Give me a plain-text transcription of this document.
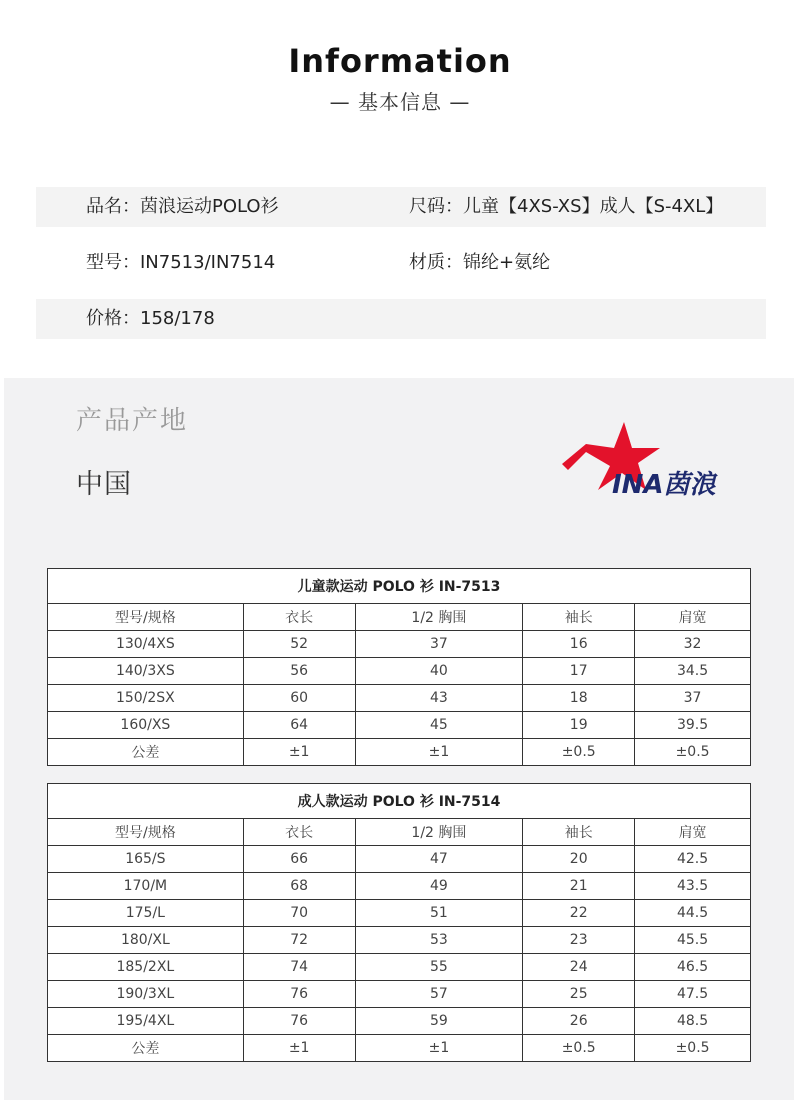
Information
— 基本信息 —
品名：茵浪运动POLO衫	尺码：儿童【4XS-XS】成人【S-4XL】
型号：IN7513/IN7514	材质：锦纶+氨纶
价格：158/178
产品产地
中国	INA茵浪
儿童款运动 POLO 衫 IN-7513				
型号/规格	衣长	1/2 胸围	袖长	肩宽
130/4XS	52	37	16	32
140/3XS	56	40	17	34.5
150/2SX	60	43	18	37
160/XS	64	45	19	39.5
公差	±1	±1	±0.5	±0.5
成人款运动 POLO 衫 IN-7514				
型号/规格	衣长	1/2 胸围	袖长	肩宽
165/S	66	47	20	42.5
170/M	68	49	21	43.5
175/L	70	51	22	44.5
180/XL	72	53	23	45.5
185/2XL	74	55	24	46.5
190/3XL	76	57	25	47.5
195/4XL	76	59	26	48.5
公差	±1	±1	±0.5	±0.5
